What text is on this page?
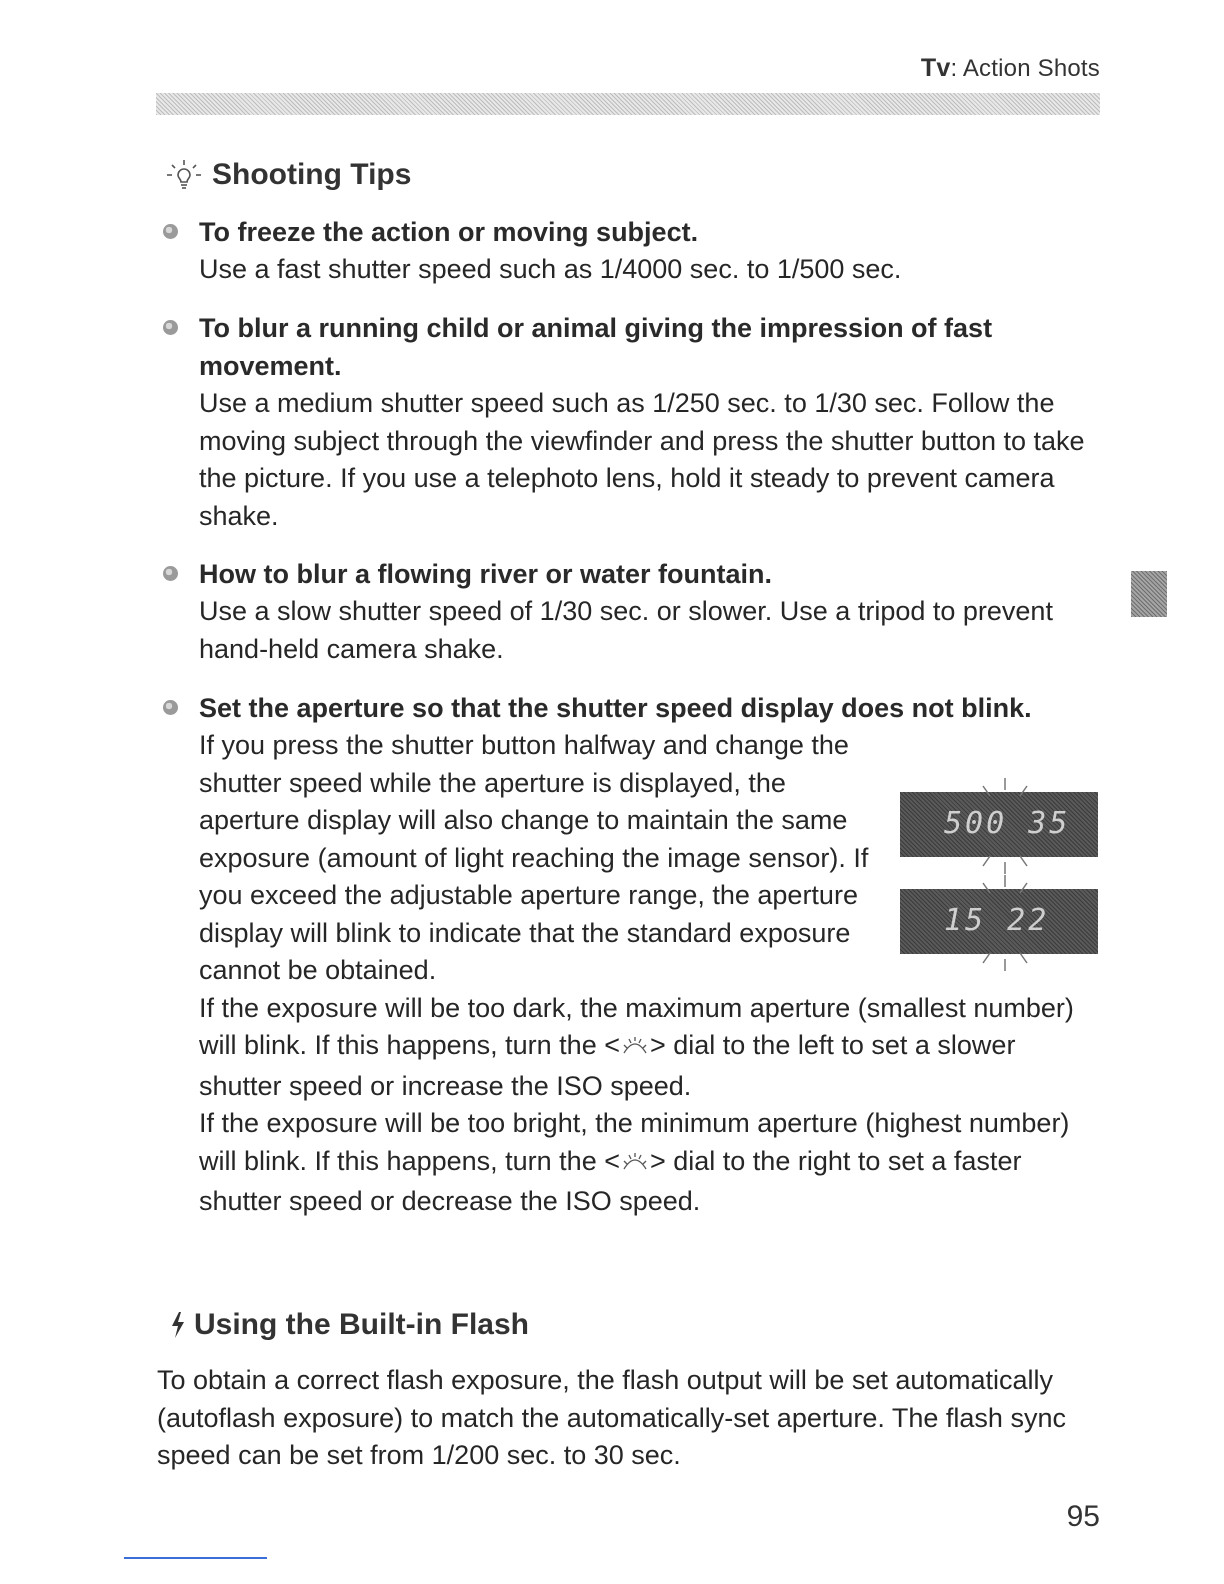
Tv: Action Shots
Shooting Tips
To freeze the action or moving subject.
Use a fast shutter speed such as 1/4000 sec. to 1/500 sec.
To blur a running child or animal giving the impression of fast movement.
Use a medium shutter speed such as 1/250 sec. to 1/30 sec. Follow the moving subject through the viewfinder and press the shutter button to take the picture. If you use a telephoto lens, hold it steady to prevent camera shake.
How to blur a flowing river or water fountain.
Use a slow shutter speed of 1/30 sec. or slower. Use a tripod to prevent hand-held camera shake.
Set the aperture so that the shutter speed display does not blink.
If you press the shutter button halfway and change the shutter speed while the aperture is displayed, the aperture display will also change to maintain the same exposure (amount of light reaching the image sensor). If you exceed the adjustable aperture range, the aperture display will blink to indicate that the standard exposure cannot be obtained.
If the exposure will be too dark, the maximum aperture (smallest number) will blink. If this happens, turn the < > dial to the left to set a slower shutter speed or increase the ISO speed.
If the exposure will be too bright, the minimum aperture (highest number) will blink. If this happens, turn the < > dial to the right to set a faster shutter speed or decrease the ISO speed.
500 35
15 22
Using the Built-in Flash
To obtain a correct flash exposure, the flash output will be set automatically (autoflash exposure) to match the automatically-set aperture. The flash sync speed can be set from 1/200 sec. to 30 sec.
95
